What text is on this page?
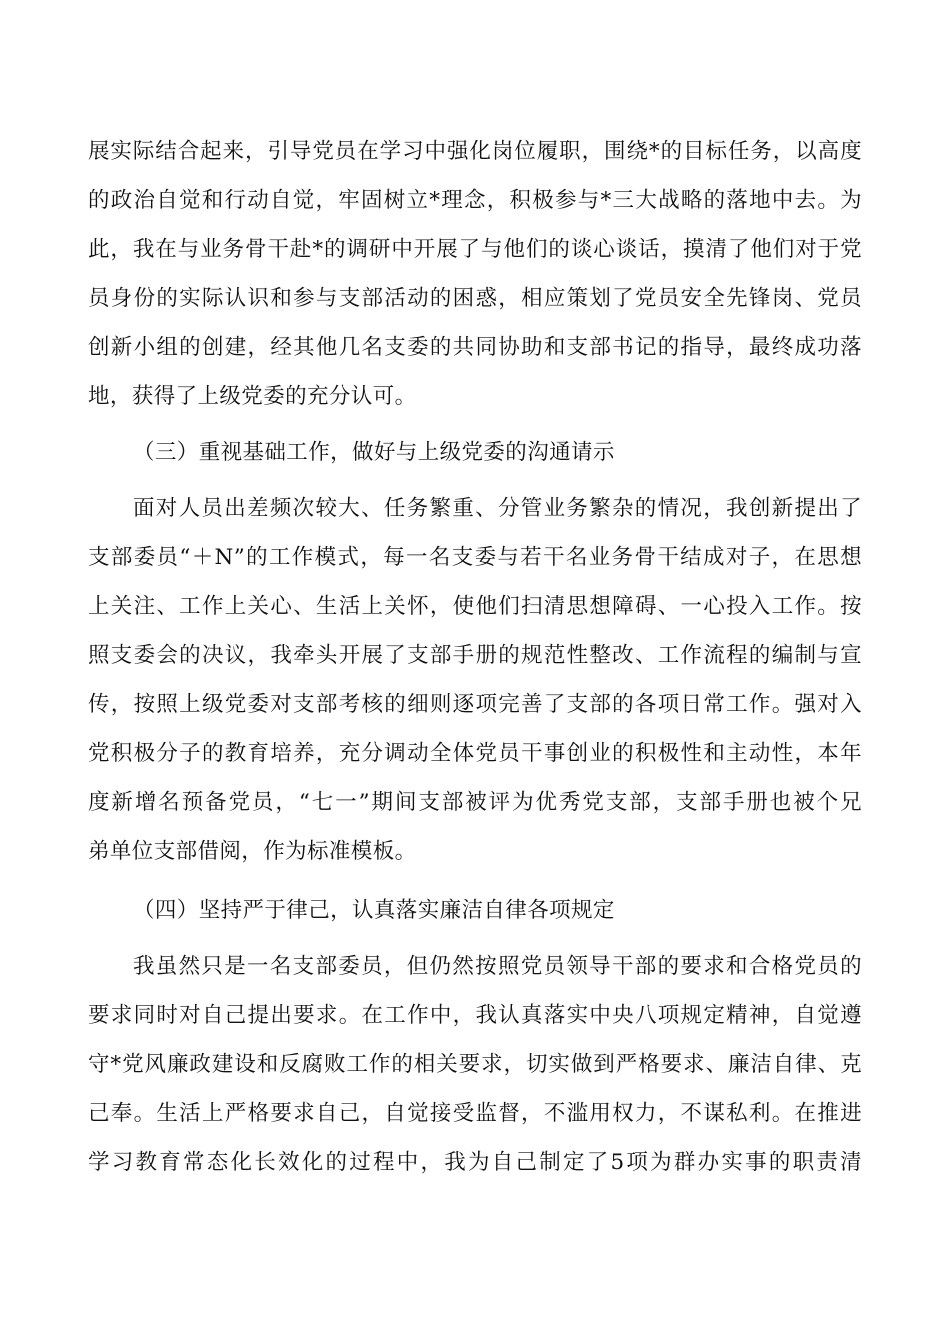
展实际结合起来，引导党员在学习中强化岗位履职，围绕*的目标任务，以高度
的政治自觉和行动自觉，牢固树立*理念，积极参与*三大战略的落地中去。为
此，我在与业务骨干赴*的调研中开展了与他们的谈心谈话，摸清了他们对于党
员身份的实际认识和参与支部活动的困惑，相应策划了党员安全先锋岗、党员
创新小组的创建，经其他几名支委的共同协助和支部书记的指导，最终成功落
地，获得了上级党委的充分认可。
（三）重视基础工作，做好与上级党委的沟通请示
面对人员出差频次较大、任务繁重、分管业务繁杂的情况，我创新提出了
支部委员“＋N”的工作模式，每一名支委与若干名业务骨干结成对子，在思想
上关注、工作上关心、生活上关怀，使他们扫清思想障碍、一心投入工作。按
照支委会的决议，我牵头开展了支部手册的规范性整改、工作流程的编制与宣
传，按照上级党委对支部考核的细则逐项完善了支部的各项日常工作。强对入
党积极分子的教育培养，充分调动全体党员干事创业的积极性和主动性，本年
度新增名预备党员，“七一”期间支部被评为优秀党支部，支部手册也被个兄
弟单位支部借阅，作为标准模板。
（四）坚持严于律己，认真落实廉洁自律各项规定
我虽然只是一名支部委员，但仍然按照党员领导干部的要求和合格党员的
要求同时对自己提出要求。在工作中，我认真落实中央八项规定精神，自觉遵
守*党风廉政建设和反腐败工作的相关要求，切实做到严格要求、廉洁自律、克
己奉。生活上严格要求自己，自觉接受监督，不滥用权力，不谋私利。在推进
学习教育常态化长效化的过程中，我为自己制定了5项为群办实事的职责清
